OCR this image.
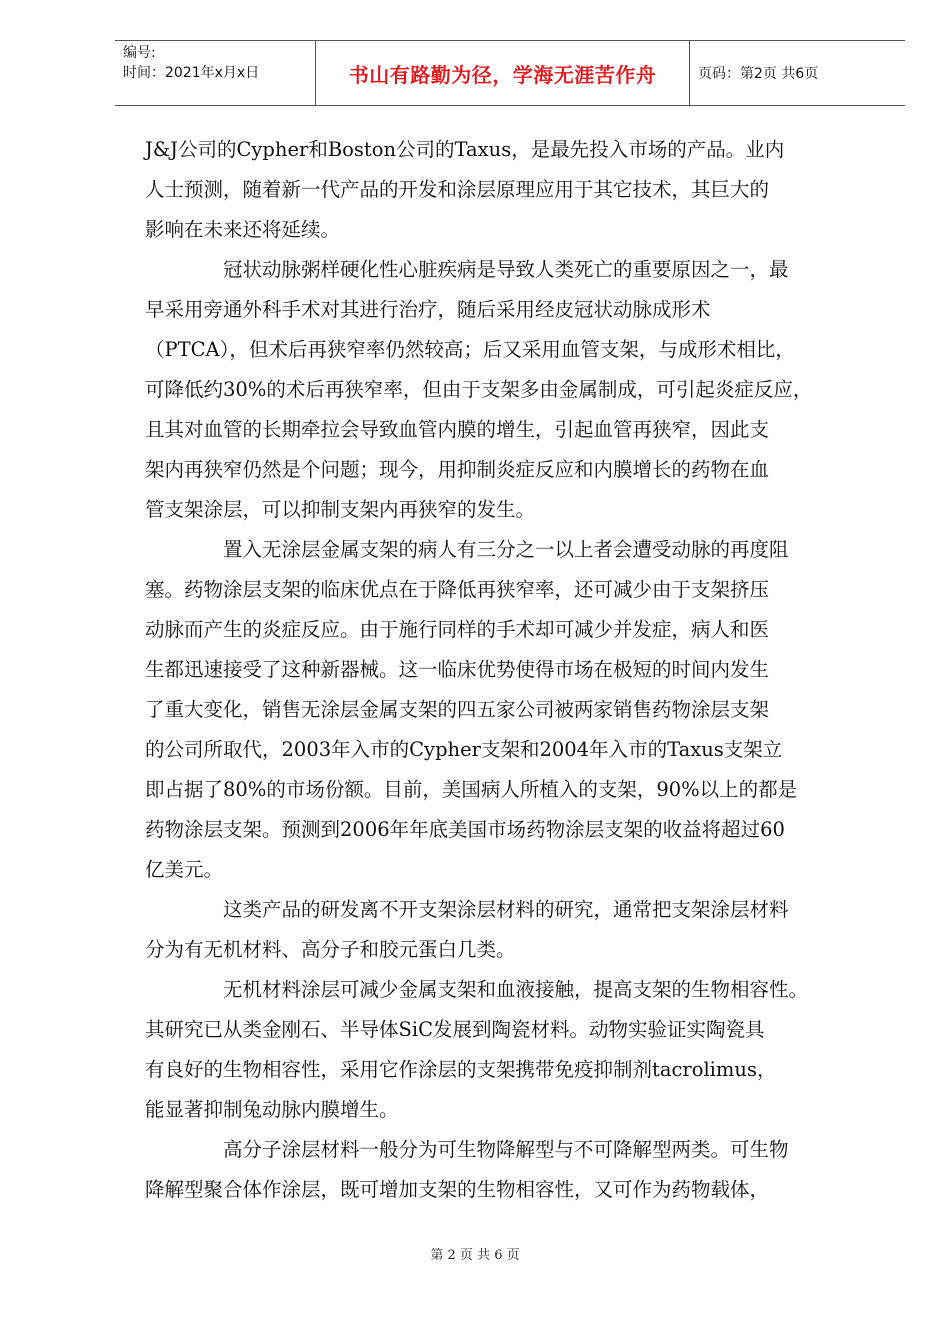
编号:
时间：2021年x月x日	书山有路勤为径，学海无涯苦作舟	页码：第2页 共6页
J&J公司的Cypher和Boston公司的Taxus，是最先投入市场的产品。业内
人士预测，随着新一代产品的开发和涂层原理应用于其它技术，其巨大的
影响在未来还将延续。
冠状动脉粥样硬化性心脏疾病是导致人类死亡的重要原因之一，最
早采用旁通外科手术对其进行治疗，随后采用经皮冠状动脉成形术
（PTCA），但术后再狭窄率仍然较高；后又采用血管支架，与成形术相比，
可降低约30%的术后再狭窄率，但由于支架多由金属制成，可引起炎症反应，
且其对血管的长期牵拉会导致血管内膜的增生，引起血管再狭窄，因此支
架内再狭窄仍然是个问题；现今，用抑制炎症反应和内膜增长的药物在血
管支架涂层，可以抑制支架内再狭窄的发生。
置入无涂层金属支架的病人有三分之一以上者会遭受动脉的再度阻
塞。药物涂层支架的临床优点在于降低再狭窄率，还可减少由于支架挤压
动脉而产生的炎症反应。由于施行同样的手术却可减少并发症，病人和医
生都迅速接受了这种新器械。这一临床优势使得市场在极短的时间内发生
了重大变化，销售无涂层金属支架的四五家公司被两家销售药物涂层支架
的公司所取代，2003年入市的Cypher支架和2004年入市的Taxus支架立
即占据了80%的市场份额。目前，美国病人所植入的支架，90%以上的都是
药物涂层支架。预测到2006年年底美国市场药物涂层支架的收益将超过60
亿美元。
这类产品的研发离不开支架涂层材料的研究，通常把支架涂层材料
分为有无机材料、高分子和胶元蛋白几类。
无机材料涂层可减少金属支架和血液接触，提高支架的生物相容性。
其研究已从类金刚石、半导体SiC发展到陶瓷材料。动物实验证实陶瓷具
有良好的生物相容性，采用它作涂层的支架携带免疫抑制剂tacrolimus，
能显著抑制兔动脉内膜增生。
高分子涂层材料一般分为可生物降解型与不可降解型两类。可生物
降解型聚合体作涂层，既可增加支架的生物相容性，又可作为药物载体，
第 2 页 共 6 页
